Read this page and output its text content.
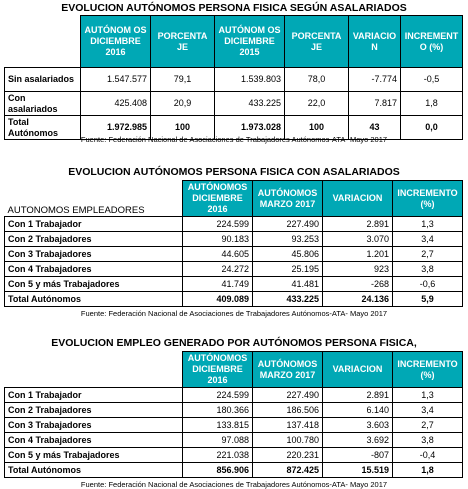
EVOLUCION AUTÓNOMOS PERSONA FISICA SEGÚN ASALARIADOS
	AUTÓNOM OS DICIEMBRE 2016	PORCENTA JE	AUTÓNOM OS DICIEMBRE 2015	PORCENTA JE	VARIACIO N	INCREMENT O (%)
Sin asalariados	1.547.577	79,1	1.539.803	78,0	-7.774	-0,5
Con asalariados	425.408	20,9	433.225	22,0	7.817	1,8
Total Autónomos	1.972.985	100	1.973.028	100	43	0,0
Fuente: Federación Nacional de Asociaciones de Trabajadores Autónomos-ATA- Mayo 2017
EVOLUCION AUTÓNOMOS PERSONA FISICA CON ASALARIADOS
AUTONOMOS EMPLEADORES	AUTÓNOMOS DICIEMBRE 2016	AUTÓNOMOS MARZO 2017	VARIACION	INCREMENTO (%)
Con 1 Trabajador	224.599	227.490	2.891	1,3
Con 2 Trabajadores	90.183	93.253	3.070	3,4
Con 3 Trabajadores	44.605	45.806	1.201	2,7
Con 4 Trabajadores	24.272	25.195	923	3,8
Con 5 y más Trabajadores	41.749	41.481	-268	-0,6
Total Autónomos	409.089	433.225	24.136	5,9
Fuente: Federación Nacional de Asociaciones de Trabajadores Autónomos-ATA- Mayo 2017
EVOLUCION EMPLEO GENERADO POR AUTÓNOMOS PERSONA FISICA,
	AUTÓNOMOS DICIEMBRE 2016	AUTÓNOMOS MARZO 2017	VARIACION	INCREMENTO (%)
Con 1 Trabajador	224.599	227.490	2.891	1,3
Con 2 Trabajadores	180.366	186.506	6.140	3,4
Con 3 Trabajadores	133.815	137.418	3.603	2,7
Con 4 Trabajadores	97.088	100.780	3.692	3,8
Con 5 y más Trabajadores	221.038	220.231	-807	-0,4
Total Autónomos	856.906	872.425	15.519	1,8
Fuente: Federación Nacional de Asociaciones de Trabajadores Autónomos-ATA- Mayo 2017
